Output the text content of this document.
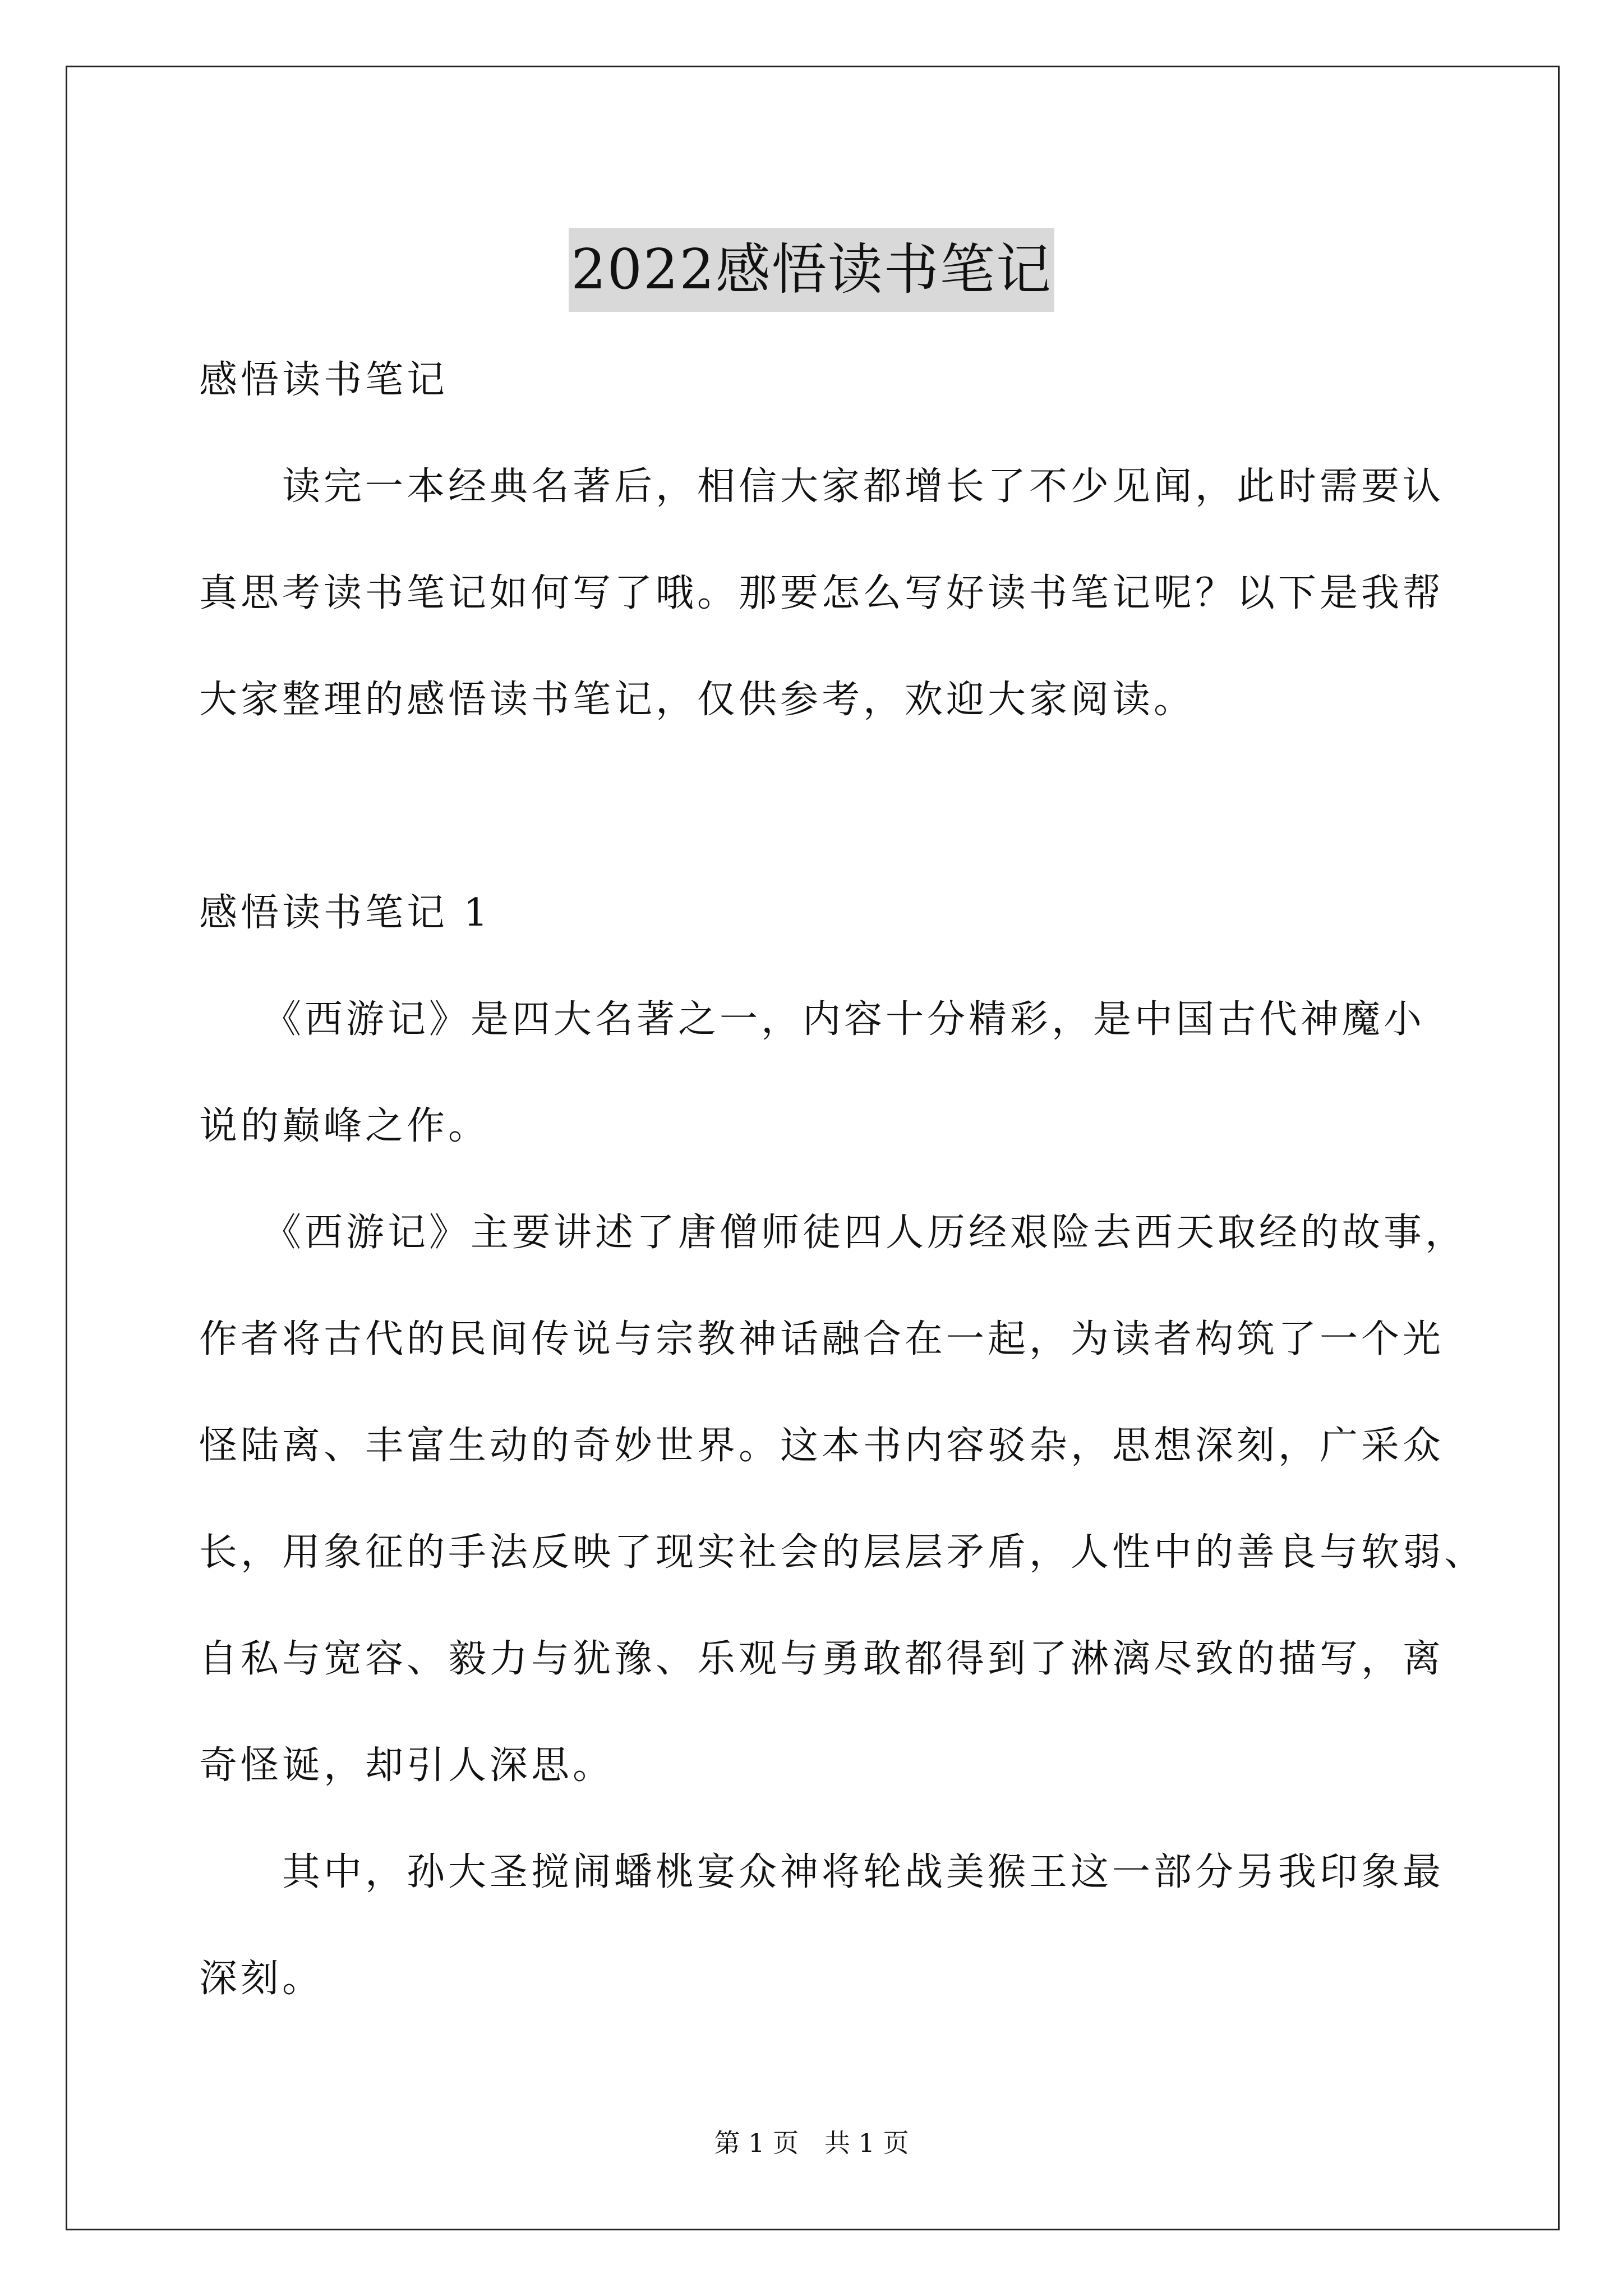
2022感悟读书笔记
感悟读书笔记
　　读完一本经典名著后，相信大家都增长了不少见闻，此时需要认
真思考读书笔记如何写了哦。那要怎么写好读书笔记呢？以下是我帮
大家整理的感悟读书笔记，仅供参考，欢迎大家阅读。
感悟读书笔记 1
　　《西游记》是四大名著之一，内容十分精彩，是中国古代神魔小
说的巅峰之作。
　　《西游记》主要讲述了唐僧师徒四人历经艰险去西天取经的故事，
作者将古代的民间传说与宗教神话融合在一起，为读者构筑了一个光
怪陆离、丰富生动的奇妙世界。这本书内容驳杂，思想深刻，广采众
长，用象征的手法反映了现实社会的层层矛盾，人性中的善良与软弱、
自私与宽容、毅力与犹豫、乐观与勇敢都得到了淋漓尽致的描写，离
奇怪诞，却引人深思。
　　其中，孙大圣搅闹蟠桃宴众神将轮战美猴王这一部分另我印象最
深刻。
第 1 页　共 1 页
